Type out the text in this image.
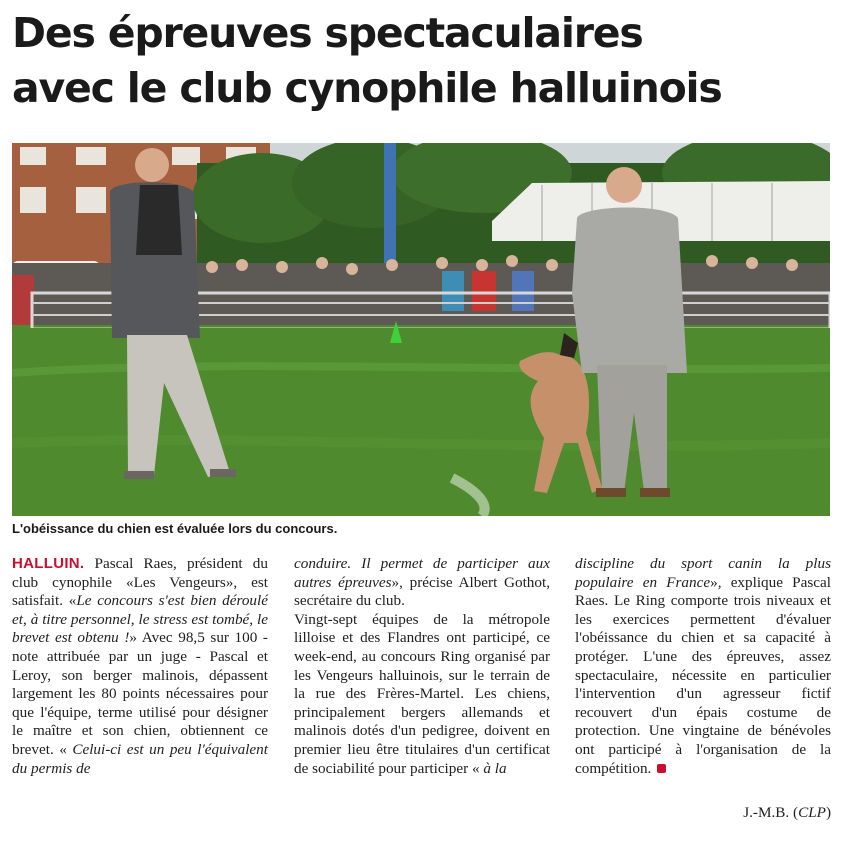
Des épreuves spectaculaires
avec le club cynophile halluinois
L'obéissance du chien est évaluée lors du concours.

HALLUIN. Pascal Raes, président du club cynophile «Les Vengeurs», est satisfait. «Le concours s'est bien déroulé et, à titre personnel, le stress est tombé, le brevet est obtenu !» Avec 98,5 sur 100 - note attribuée par un juge - Pascal et Leroy, son berger malinois, dépassent largement les 80 points nécessaires pour que l'équipe, terme utilisé pour désigner le maître et son chien, obtiennent ce brevet. « Celui-ci est un peu l'équivalent du permis de

conduire. Il permet de participer aux autres épreuves», précise Albert Gothot, secrétaire du club.

Vingt-sept équipes de la métropole lilloise et des Flandres ont participé, ce week-end, au concours Ring organisé par les Vengeurs halluinois, sur le terrain de la rue des Frères-Martel. Les chiens, principalement bergers allemands et malinois dotés d'un pedigree, doivent en premier lieu être titulaires d'un certificat de sociabilité pour participer « à la

discipline du sport canin la plus populaire en France», explique Pascal Raes. Le Ring comporte trois niveaux et les exercices permettent d'évaluer l'obéissance du chien et sa capacité à protéger. L'une des épreuves, assez spectaculaire, nécessite en particulier l'intervention d'un agresseur fictif recouvert d'un épais costume de protection. Une vingtaine de bénévoles ont participé à l'organisation de la compétition.

J.-M.B. (CLP)
